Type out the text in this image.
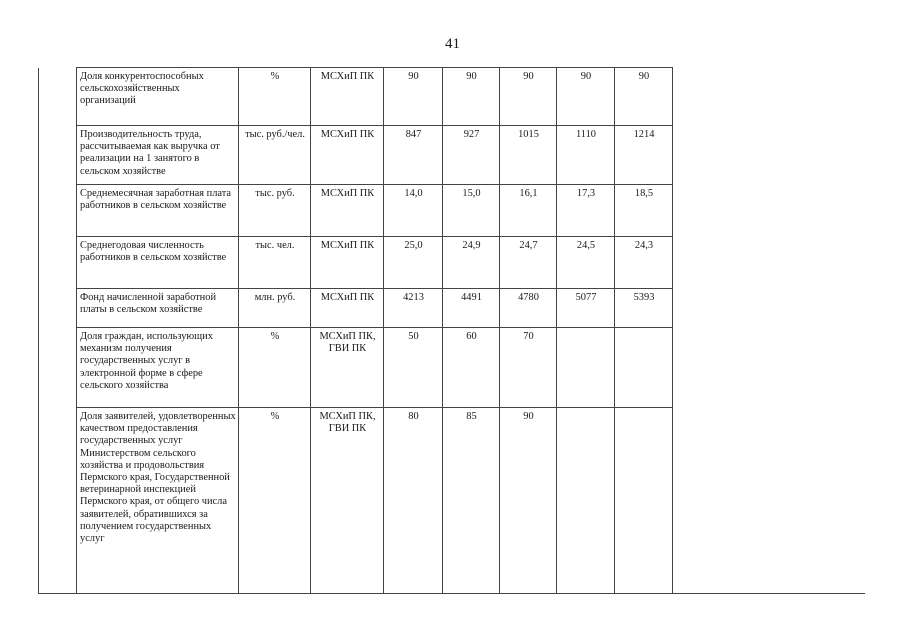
41
	Доля конкурентоспособных сельскохозяйственных организаций	%	МСХиП ПК	90	90	90	90	90	
	Производительность труда, рассчитываемая как выручка от реализации на 1 занятого в сельском хозяйстве	тыс. руб./чел.	МСХиП ПК	847	927	1015	1110	1214	
	Среднемесячная заработная плата работников в сельском хозяйстве	тыс. руб.	МСХиП ПК	14,0	15,0	16,1	17,3	18,5	
	Среднегодовая численность работников в сельском хозяйстве	тыс. чел.	МСХиП ПК	25,0	24,9	24,7	24,5	24,3	
	Фонд начисленной заработной платы в сельском хозяйстве	млн. руб.	МСХиП ПК	4213	4491	4780	5077	5393	
	Доля граждан, использующих механизм получения государственных услуг в электронной форме в сфере сельского хозяйства	%	МСХиП ПК, ГВИ ПК	50	60	70			
	Доля заявителей, удовлетворенных качеством предоставления государственных услуг Министерством сельского хозяйства и продовольствия Пермского края, Государственной ветеринарной инспекцией Пермского края, от общего числа заявителей, обратившихся за получением государственных услуг	%	МСХиП ПК, ГВИ ПК	80	85	90			
